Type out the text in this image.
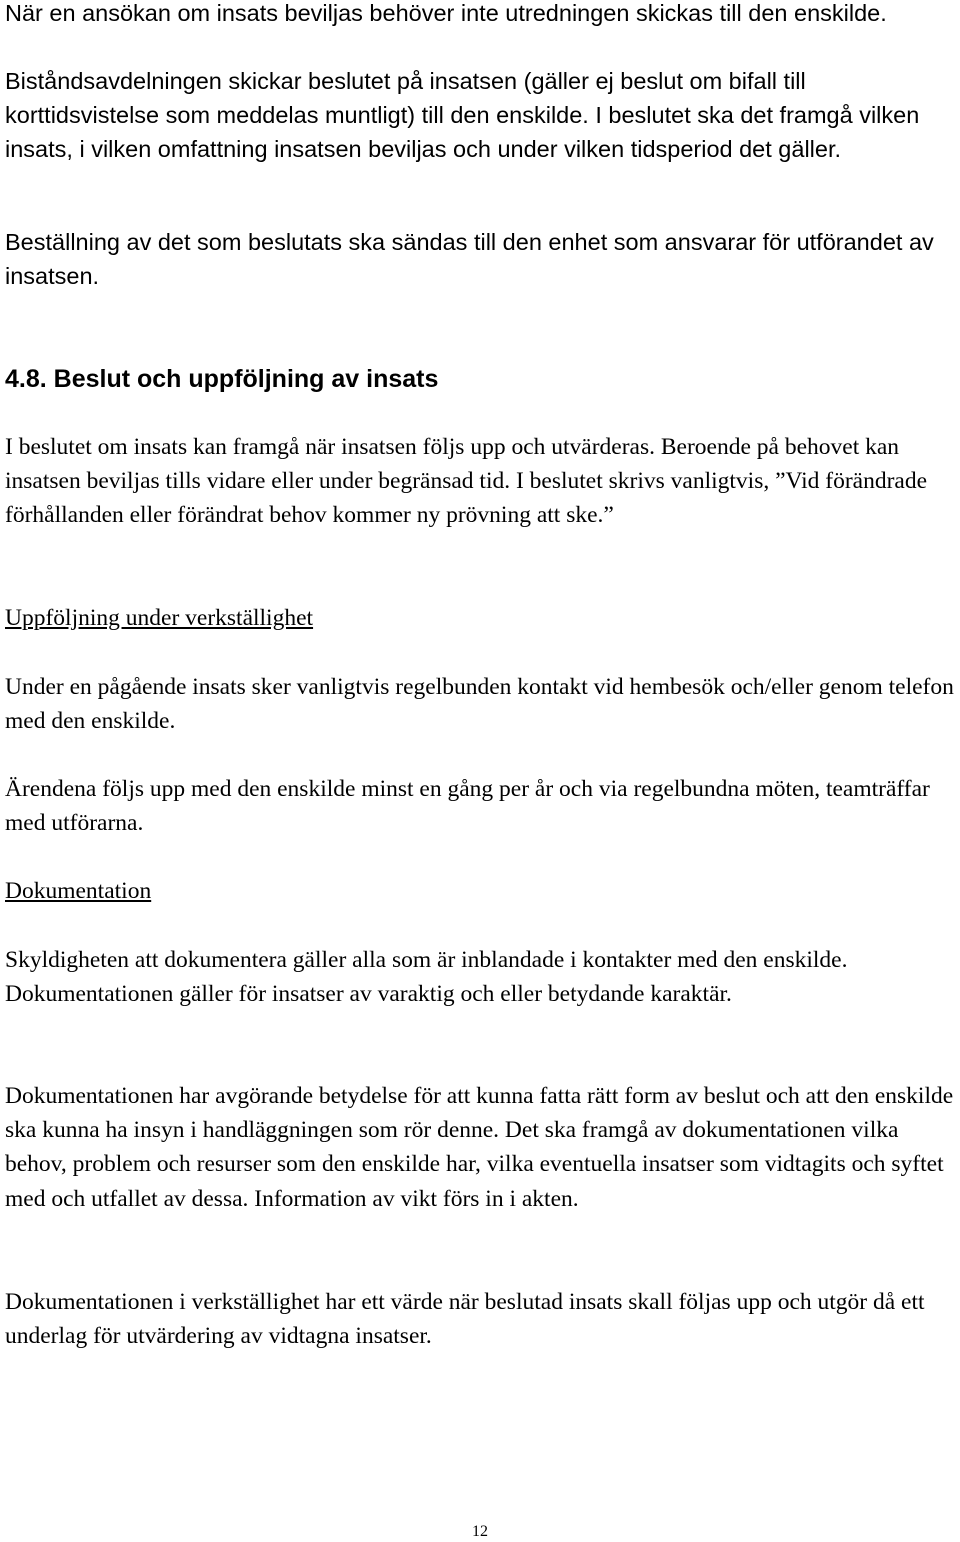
När en ansökan om insats beviljas behöver inte utredningen skickas till den enskilde.

Biståndsavdelningen skickar beslutet på insatsen (gäller ej beslut om bifall till korttidsvistelse som meddelas muntligt) till den enskilde. I beslutet ska det framgå vilken insats, i vilken omfattning insatsen beviljas och under vilken tidsperiod det gäller.

Beställning av det som beslutats ska sändas till den enhet som ansvarar för utförandet av insatsen.

4.8. Beslut och uppföljning av insats

I beslutet om insats kan framgå när insatsen följs upp och utvärderas. Beroende på behovet kan insatsen beviljas tills vidare eller under begränsad tid. I beslutet skrivs vanligtvis, ”Vid förändrade förhållanden eller förändrat behov kommer ny prövning att ske.”

Uppföljning under verkställighet

Under en pågående insats sker vanligtvis regelbunden kontakt vid hembesök och/eller genom telefon med den enskilde.

Ärendena följs upp med den enskilde minst en gång per år och via regelbundna möten, teamträffar med utförarna.

Dokumentation

Skyldigheten att dokumentera gäller alla som är inblandade i kontakter med den enskilde. Dokumentationen gäller för insatser av varaktig och eller betydande karaktär.

Dokumentationen har avgörande betydelse för att kunna fatta rätt form av beslut och att den enskilde ska kunna ha insyn i handläggningen som rör denne. Det ska framgå av dokumentationen vilka behov, problem och resurser som den enskilde har, vilka eventuella insatser som vidtagits och syftet med och utfallet av dessa. Information av vikt förs in i akten.

Dokumentationen i verkställighet har ett värde när beslutad insats skall följas upp och utgör då ett underlag för utvärdering av vidtagna insatser.

12
